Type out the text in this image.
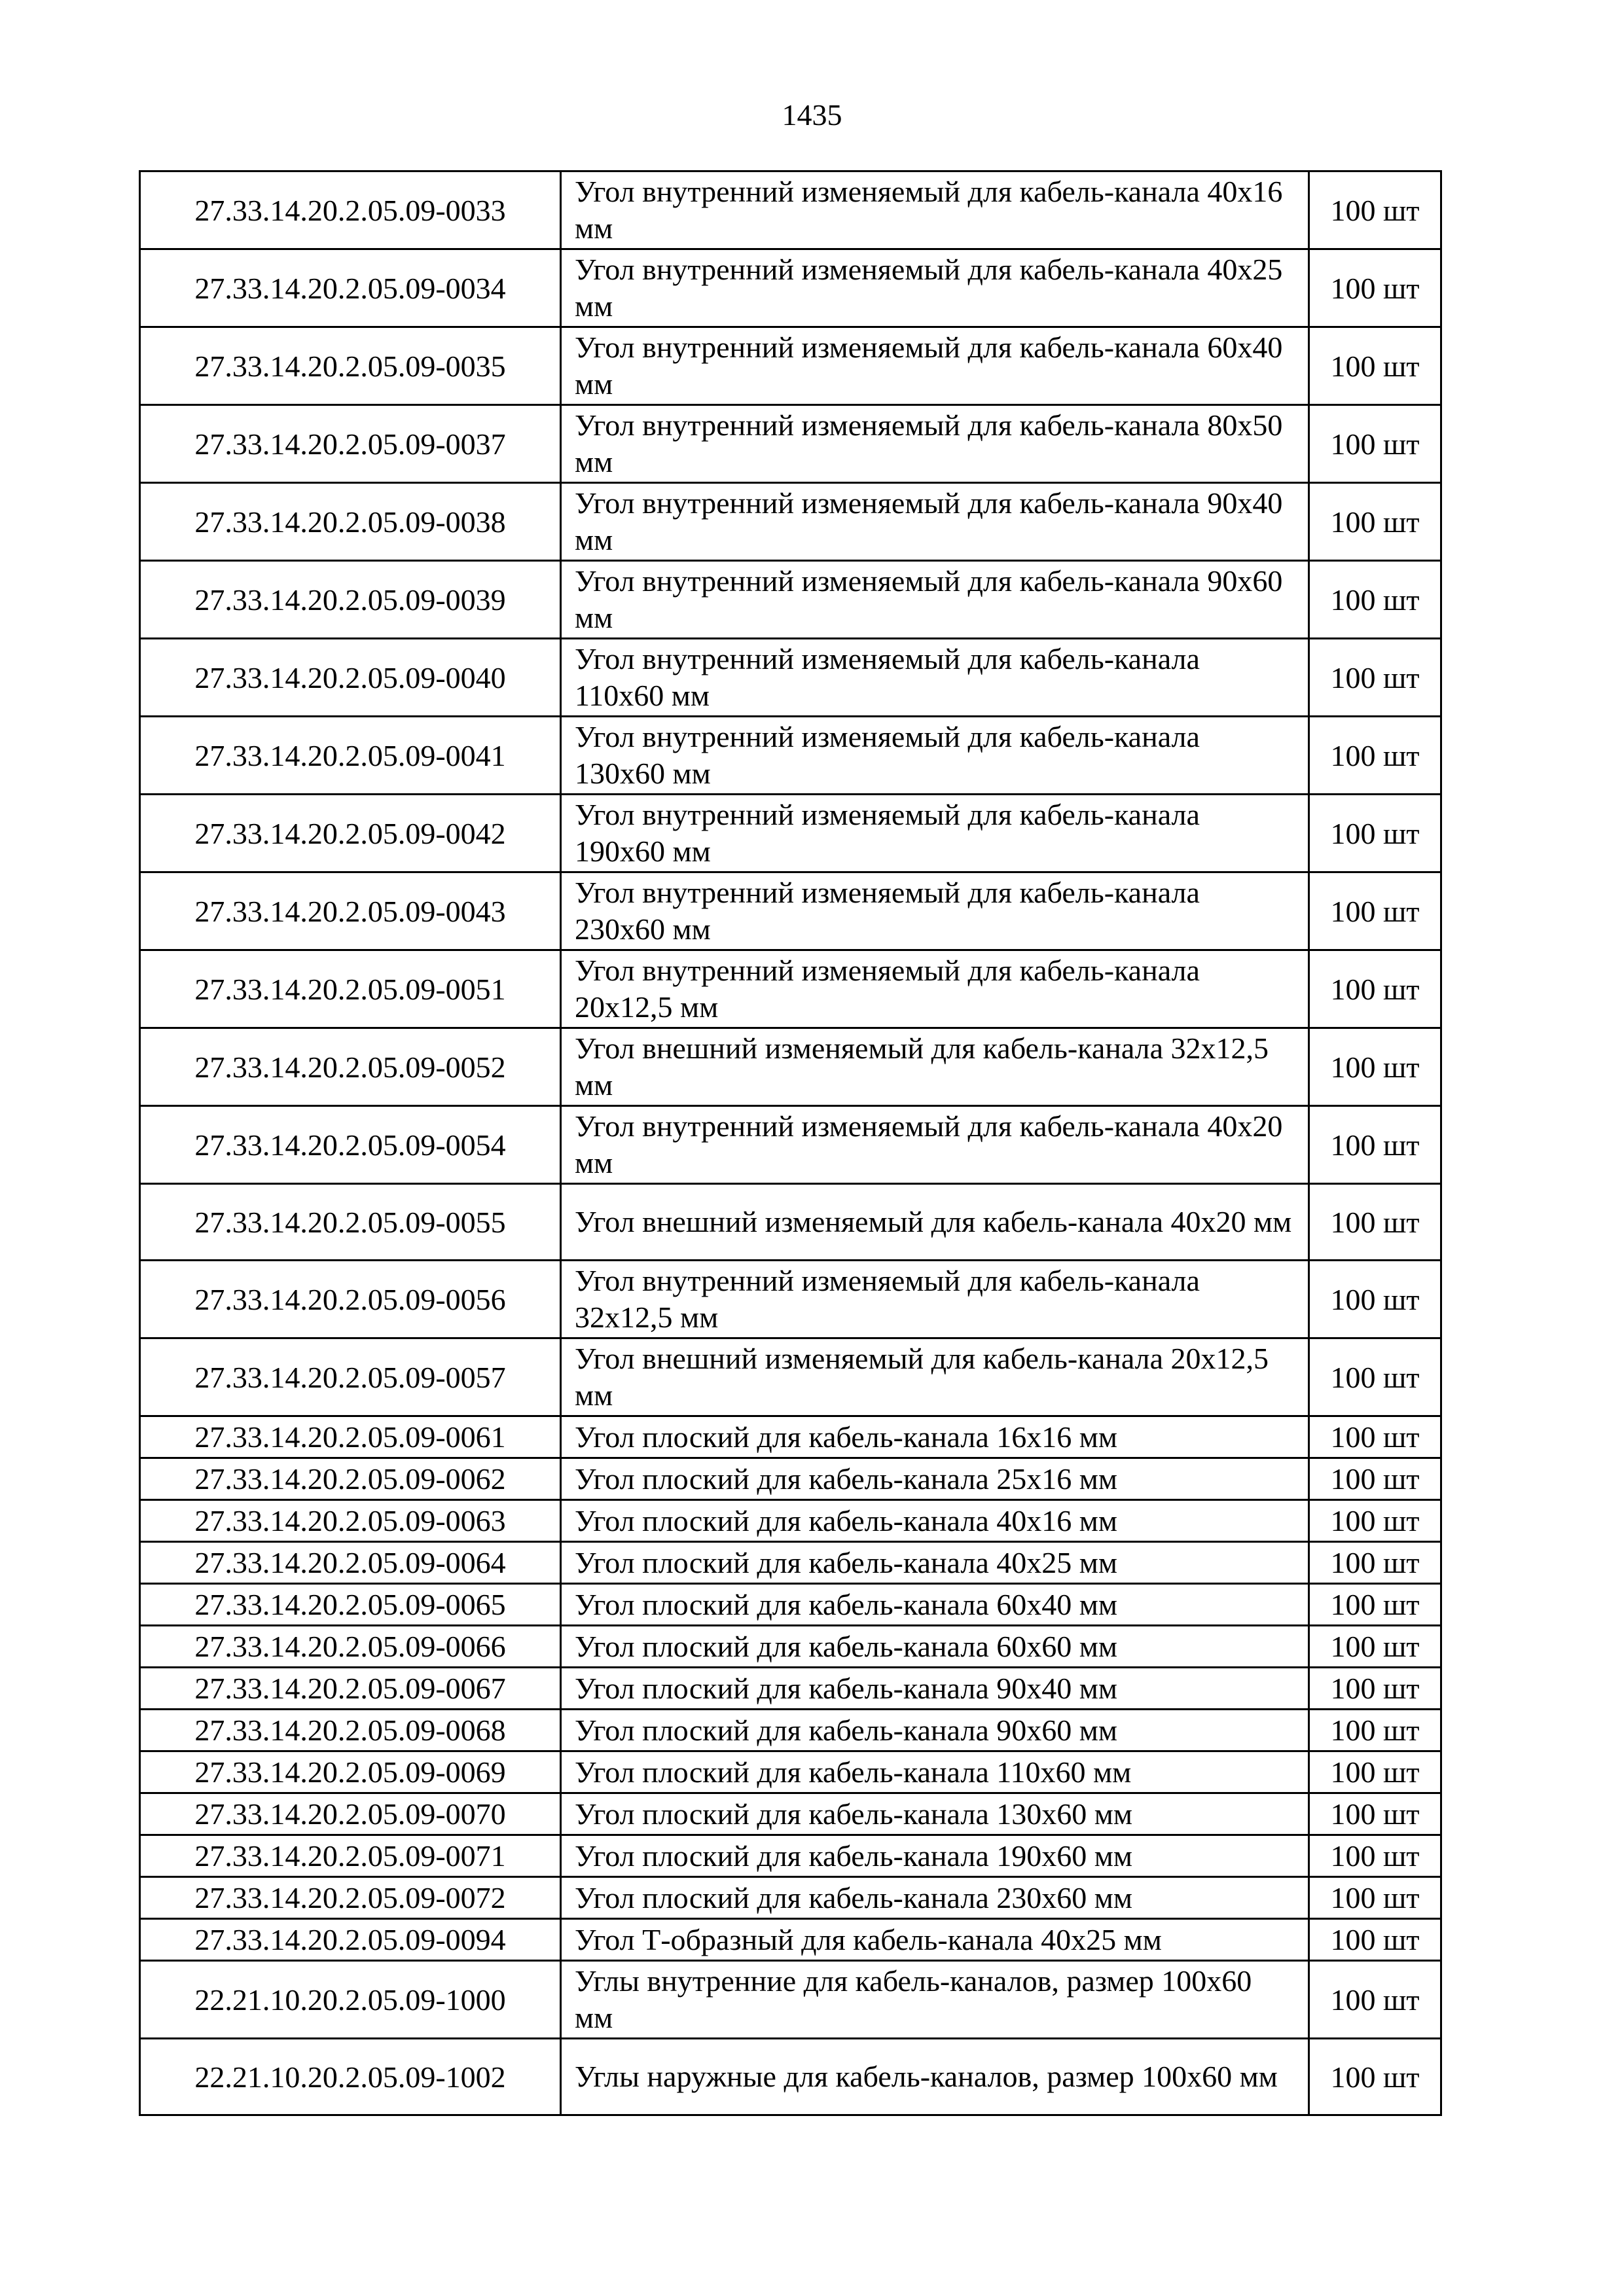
1435
27.33.14.20.2.05.09-0033	Угол внутренний изменяемый для кабель-канала 40x16 мм	100 шт
27.33.14.20.2.05.09-0034	Угол внутренний изменяемый для кабель-канала 40x25 мм	100 шт
27.33.14.20.2.05.09-0035	Угол внутренний изменяемый для кабель-канала 60x40 мм	100 шт
27.33.14.20.2.05.09-0037	Угол внутренний изменяемый для кабель-канала 80x50 мм	100 шт
27.33.14.20.2.05.09-0038	Угол внутренний изменяемый для кабель-канала 90x40 мм	100 шт
27.33.14.20.2.05.09-0039	Угол внутренний изменяемый для кабель-канала 90x60 мм	100 шт
27.33.14.20.2.05.09-0040	Угол внутренний изменяемый для кабель-канала 110x60 мм	100 шт
27.33.14.20.2.05.09-0041	Угол внутренний изменяемый для кабель-канала 130x60 мм	100 шт
27.33.14.20.2.05.09-0042	Угол внутренний изменяемый для кабель-канала 190x60 мм	100 шт
27.33.14.20.2.05.09-0043	Угол внутренний изменяемый для кабель-канала 230x60 мм	100 шт
27.33.14.20.2.05.09-0051	Угол внутренний изменяемый для кабель-канала 20x12,5 мм	100 шт
27.33.14.20.2.05.09-0052	Угол внешний изменяемый для кабель-канала 32x12,5 мм	100 шт
27.33.14.20.2.05.09-0054	Угол внутренний изменяемый для кабель-канала 40x20 мм	100 шт
27.33.14.20.2.05.09-0055	Угол внешний изменяемый для кабель-канала 40x20 мм	100 шт
27.33.14.20.2.05.09-0056	Угол внутренний изменяемый для кабель-канала 32x12,5 мм	100 шт
27.33.14.20.2.05.09-0057	Угол внешний изменяемый для кабель-канала 20x12,5 мм	100 шт
27.33.14.20.2.05.09-0061	Угол плоский для кабель-канала 16x16 мм	100 шт
27.33.14.20.2.05.09-0062	Угол плоский для кабель-канала 25x16 мм	100 шт
27.33.14.20.2.05.09-0063	Угол плоский для кабель-канала 40x16 мм	100 шт
27.33.14.20.2.05.09-0064	Угол плоский для кабель-канала 40x25 мм	100 шт
27.33.14.20.2.05.09-0065	Угол плоский для кабель-канала 60x40 мм	100 шт
27.33.14.20.2.05.09-0066	Угол плоский для кабель-канала 60x60 мм	100 шт
27.33.14.20.2.05.09-0067	Угол плоский для кабель-канала 90x40 мм	100 шт
27.33.14.20.2.05.09-0068	Угол плоский для кабель-канала 90x60 мм	100 шт
27.33.14.20.2.05.09-0069	Угол плоский для кабель-канала 110x60 мм	100 шт
27.33.14.20.2.05.09-0070	Угол плоский для кабель-канала 130x60 мм	100 шт
27.33.14.20.2.05.09-0071	Угол плоский для кабель-канала 190x60 мм	100 шт
27.33.14.20.2.05.09-0072	Угол плоский для кабель-канала 230x60 мм	100 шт
27.33.14.20.2.05.09-0094	Угол Т-образный для кабель-канала 40x25 мм	100 шт
22.21.10.20.2.05.09-1000	Углы внутренние для кабель-каналов, размер 100x60 мм	100 шт
22.21.10.20.2.05.09-1002	Углы наружные для кабель-каналов, размер 100x60 мм	100 шт
